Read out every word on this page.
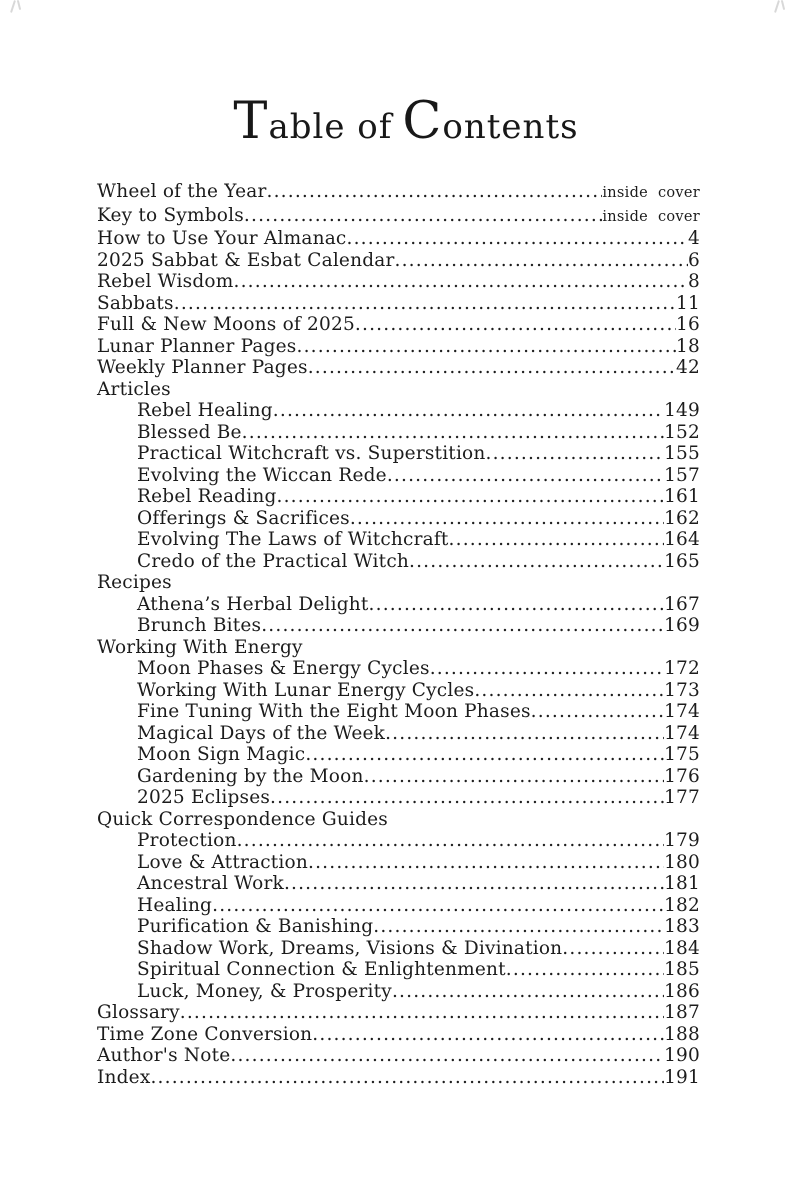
Table of Contents
Wheel of the Year .....	inside cover
Key to Symbols .....	inside cover
How to Use Your Almanac .....	4
2025 Sabbat & Esbat Calendar .....	6
Rebel Wisdom .....	8
Sabbats .....	11
Full & New Moons of 2025 .....	16
Lunar Planner Pages .....	18
Weekly Planner Pages .....	42
Articles
Rebel Healing .....	149
Blessed Be .....	152
Practical Witchcraft vs. Superstition .....	155
Evolving the Wiccan Rede .....	157
Rebel Reading .....	161
Offerings & Sacrifices .....	162
Evolving The Laws of Witchcraft .....	164
Credo of the Practical Witch .....	165
Recipes
Athena’s Herbal Delight .....	167
Brunch Bites .....	169
Working With Energy
Moon Phases & Energy Cycles .....	172
Working With Lunar Energy Cycles .....	173
Fine Tuning With the Eight Moon Phases .....	174
Magical Days of the Week .....	174
Moon Sign Magic .....	175
Gardening by the Moon .....	176
2025 Eclipses .....	177
Quick Correspondence Guides
Protection .....	179
Love & Attraction .....	180
Ancestral Work .....	181
Healing .....	182
Purification & Banishing .....	183
Shadow Work, Dreams, Visions & Divination .....	184
Spiritual Connection & Enlightenment .....	185
Luck, Money, & Prosperity .....	186
Glossary .....	187
Time Zone Conversion .....	188
Author's Note .....	190
Index .....	191
